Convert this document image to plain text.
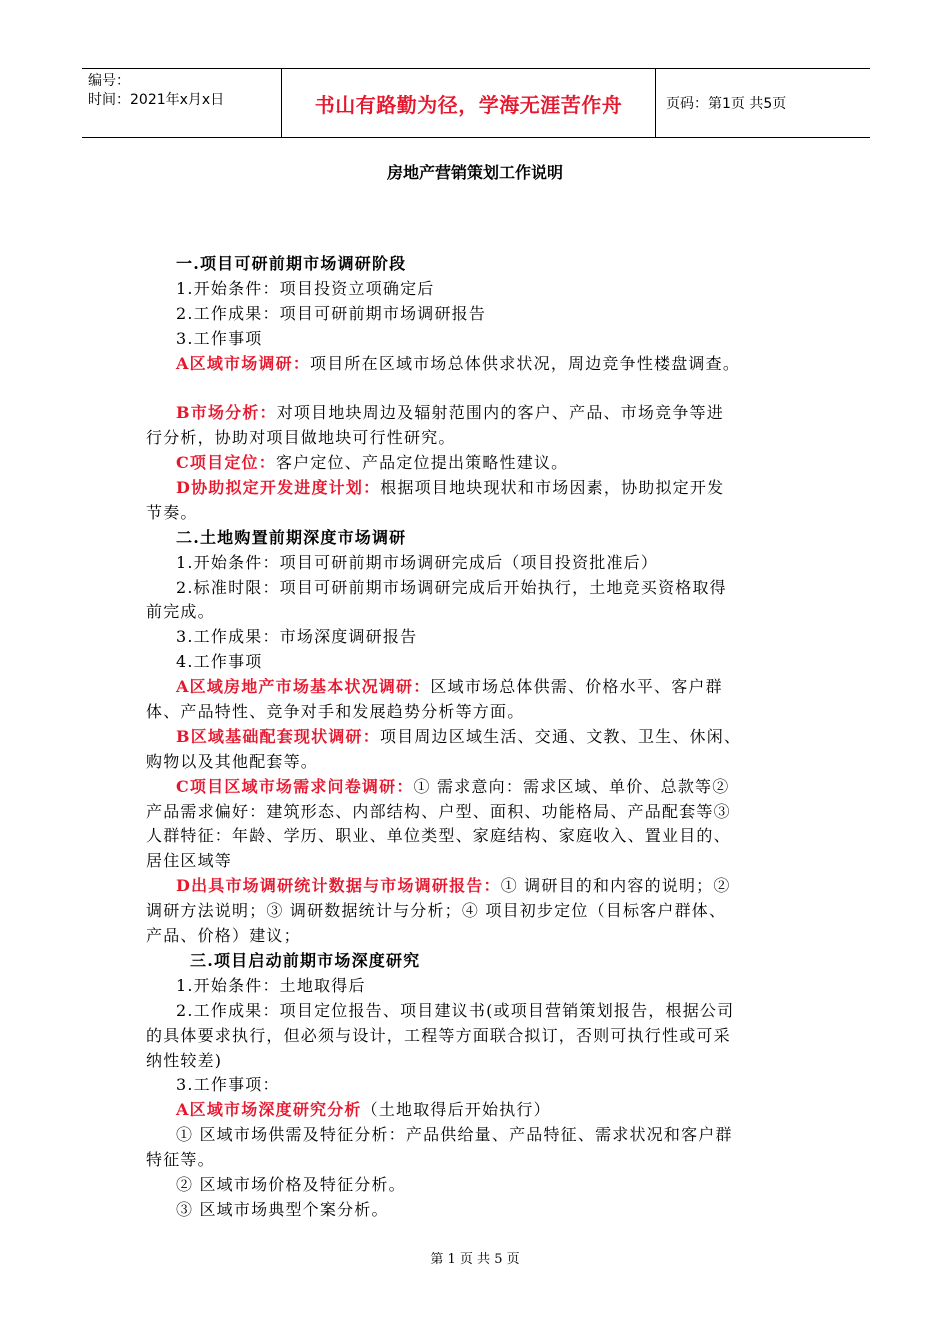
编号：
时间：2021年x月x日	书山有路勤为径，学海无涯苦作舟	页码：第1页 共5页
房地产营销策划工作说明
一.项目可研前期市场调研阶段
1.开始条件：项目投资立项确定后
2.工作成果：项目可研前期市场调研报告
3.工作事项
A区域市场调研：项目所在区域市场总体供求状况，周边竞争性楼盘调查。
B市场分析：对项目地块周边及辐射范围内的客户、产品、市场竞争等进
行分析，协助对项目做地块可行性研究。
C项目定位：客户定位、产品定位提出策略性建议。
D协助拟定开发进度计划：根据项目地块现状和市场因素，协助拟定开发
节奏。
二.土地购置前期深度市场调研
1.开始条件：项目可研前期市场调研完成后（项目投资批准后）
2.标准时限：项目可研前期市场调研完成后开始执行，土地竞买资格取得
前完成。
3.工作成果：市场深度调研报告
4.工作事项
A区域房地产市场基本状况调研：区域市场总体供需、价格水平、客户群
体、产品特性、竞争对手和发展趋势分析等方面。
B区域基础配套现状调研：项目周边区域生活、交通、文教、卫生、休闲、
购物以及其他配套等。
C项目区域市场需求问卷调研：① 需求意向：需求区域、单价、总款等②
产品需求偏好：建筑形态、内部结构、户型、面积、功能格局、产品配套等③
人群特征：年龄、学历、职业、单位类型、家庭结构、家庭收入、置业目的、
居住区域等
D出具市场调研统计数据与市场调研报告：① 调研目的和内容的说明；②
调研方法说明；③ 调研数据统计与分析；④ 项目初步定位（目标客户群体、
产品、价格）建议；
三.项目启动前期市场深度研究
1.开始条件：土地取得后
2.工作成果：项目定位报告、项目建议书(或项目营销策划报告，根据公司
的具体要求执行，但必须与设计，工程等方面联合拟订，否则可执行性或可采
纳性较差)
3.工作事项：
A区域市场深度研究分析（土地取得后开始执行）
① 区域市场供需及特征分析：产品供给量、产品特征、需求状况和客户群
特征等。
② 区域市场价格及特征分析。
③ 区域市场典型个案分析。
第 1 页 共 5 页
